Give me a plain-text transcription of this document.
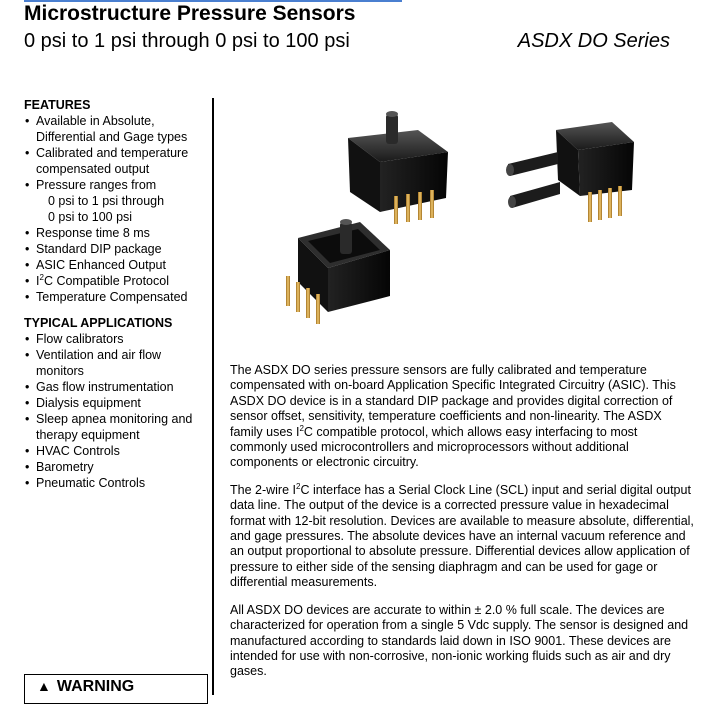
Microstructure Pressure Sensors
0 psi to 1 psi through 0 psi to 100 psi	ASDX DO Series
FEATURES
• Available in Absolute, Differential and Gage types
• Calibrated and temperature compensated output
• Pressure ranges from
0 psi to 1 psi through
0 psi to 100 psi
• Response time 8 ms
• Standard DIP package
• ASIC Enhanced Output
• $I^2C$ Compatible Protocol
• Temperature Compensated
TYPICAL APPLICATIONS
• Flow calibrators
• Ventilation and air flow monitors
• Gas flow instrumentation
• Dialysis equipment
• Sleep apnea monitoring and therapy equipment
• HVAC Controls
• Barometry
• Pneumatic Controls
▲ WARNING

The ASDX DO series pressure sensors are fully calibrated and temperature compensated with on-board Application Specific Integrated Circuitry (ASIC). This ASDX DO device is in a standard DIP package and provides digital correction of sensor offset, sensitivity, temperature coefficients and non-linearity. The ASDX family uses $I^2C$ compatible protocol, which allows easy interfacing to most commonly used microcontrollers and microprocessors without additional components or electronic circuitry.

The 2-wire $I^2C$ interface has a Serial Clock Line (SCL) input and serial digital output data line. The output of the device is a corrected pressure value in hexadecimal format with 12-bit resolution. Devices are available to measure absolute, differential, and gage pressures. The absolute devices have an internal vacuum reference and an output proportional to absolute pressure. Differential devices allow application of pressure to either side of the sensing diaphragm and can be used for gage or differential measurements.

All ASDX DO devices are accurate to within ± 2.0 % full scale. The devices are characterized for operation from a single 5 Vdc supply. The sensor is designed and manufactured according to standards laid down in ISO 9001. These devices are intended for use with non-corrosive, non-ionic working fluids such as air and dry gases.
